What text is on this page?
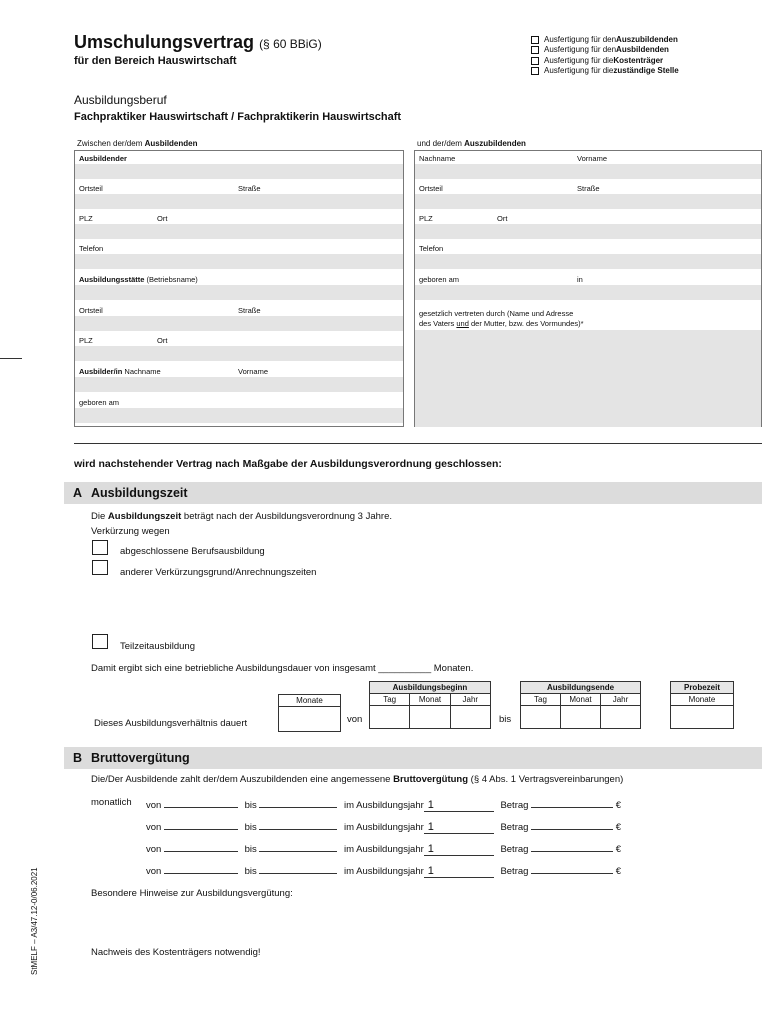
Umschulungsvertrag (§ 60 BBiG)
für den Bereich Hauswirtschaft
Ausfertigung für den Auszubildenden
Ausfertigung für den Ausbildenden
Ausfertigung für die Kostenträger
Ausfertigung für die zuständige Stelle
Ausbildungsberuf
Fachpraktiker Hauswirtschaft / Fachpraktikerin Hauswirtschaft
Zwischen der/dem Ausbildenden	und der/dem Auszubildenden
Ausbildender
Ortsteil	Straße
PLZ	Ort
Telefon
Ausbildungsstätte (Betriebsname)
Ortsteil	Straße
PLZ	Ort
Ausbilder/in Nachname	Vorname
geboren am
Nachname	Vorname
Ortsteil	Straße
PLZ	Ort
Telefon
geboren am	in
gesetzlich vertreten durch (Name und Adresse
des Vaters und der Mutter, bzw. des Vormundes)*
wird nachstehender Vertrag nach Maßgabe der Ausbildungsverordnung geschlossen:
A Ausbildungszeit
Die Ausbildungszeit beträgt nach der Ausbildungsverordnung 3 Jahre.
Verkürzung wegen
abgeschlossene Berufsausbildung
anderer Verkürzungsgrund/Anrechnungszeiten
Teilzeitausbildung
Damit ergibt sich eine betriebliche Ausbildungsdauer von insgesamt __________ Monaten.
Monate
Ausbildungsbeginn
Tag	Monat	Jahr
Ausbildungsende
Tag	Monat	Jahr
Probezeit
Monate
Dieses Ausbildungsverhältnis dauert	von	bis
B Bruttovergütung
Die/Der Ausbildende zahlt der/dem Auszubildenden eine angemessene Bruttovergütung (§ 4 Abs. 1 Vertragsvereinbarungen)
monatlich von	bis	im Ausbildungsjahr 1	Betrag	€
von	bis	im Ausbildungsjahr 1	Betrag	€
von	bis	im Ausbildungsjahr 1	Betrag	€
von	bis	im Ausbildungsjahr 1	Betrag	€
Besondere Hinweise zur Ausbildungsvergütung:
Nachweis des Kostenträgers notwendig!
StMELF – A3/47.12-0/06.2021
